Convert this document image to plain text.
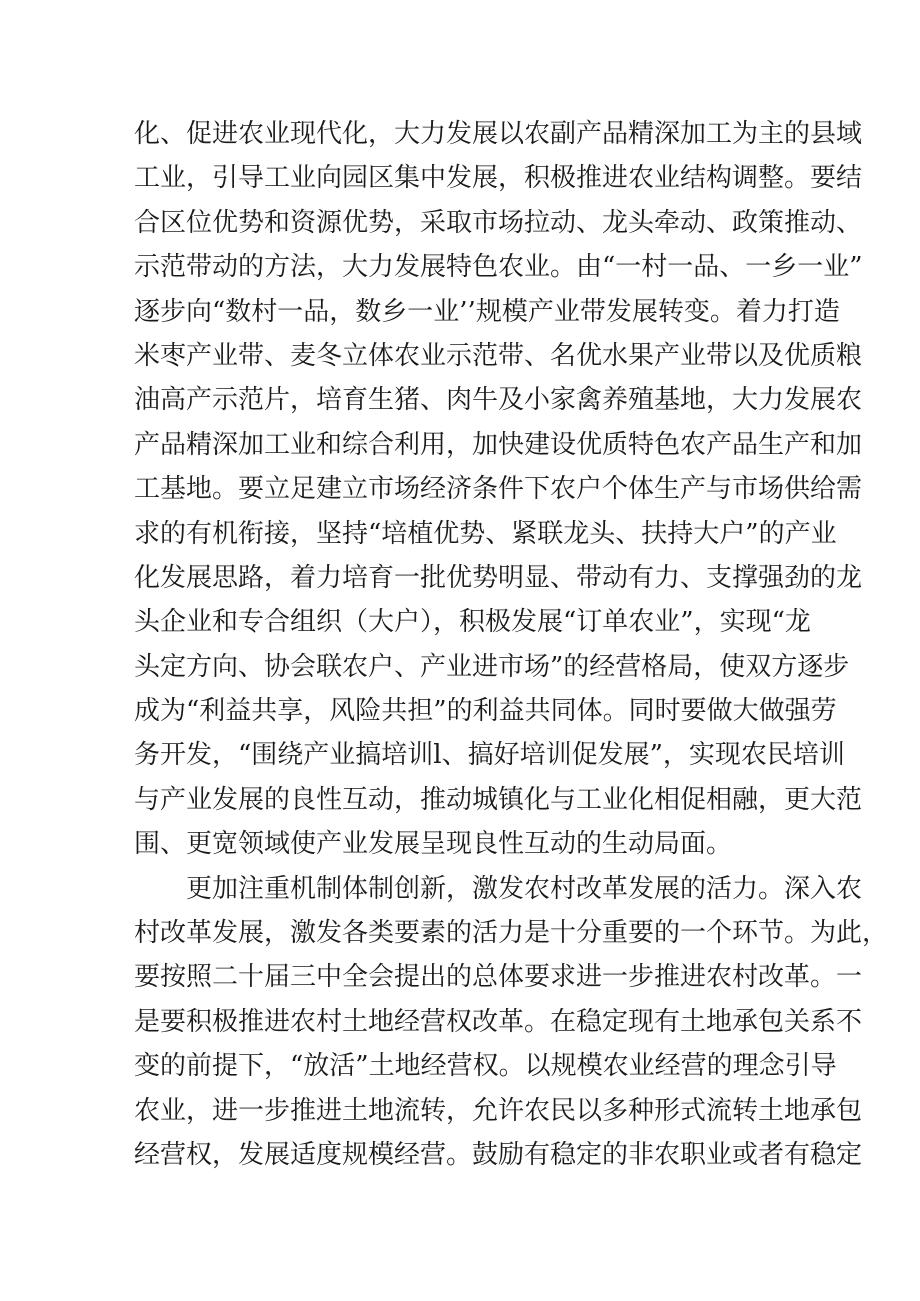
化、促进农业现代化，大力发展以农副产品精深加工为主的县域
工业，引导工业向园区集中发展，积极推进农业结构调整。要结
合区位优势和资源优势，采取市场拉动、龙头牵动、政策推动、
示范带动的方法，大力发展特色农业。由“一村一品、一乡一业”
逐步向“数村一品，数乡一业’’规模产业带发展转变。着力打造
米枣产业带、麦冬立体农业示范带、名优水果产业带以及优质粮
油高产示范片，培育生猪、肉牛及小家禽养殖基地，大力发展农
产品精深加工业和综合利用，加快建设优质特色农产品生产和加
工基地。要立足建立市场经济条件下农户个体生产与市场供给需
求的有机衔接，坚持“培植优势、紧联龙头、扶持大户”的产业
化发展思路，着力培育一批优势明显、带动有力、支撑强劲的龙
头企业和专合组织（大户），积极发展“订单农业”，实现“龙
头定方向、协会联农户、产业进市场”的经营格局，使双方逐步
成为“利益共享，风险共担”的利益共同体。同时要做大做强劳
务开发，“围绕产业搞培训l、搞好培训促发展”，实现农民培训
与产业发展的良性互动，推动城镇化与工业化相促相融，更大范
围、更宽领域使产业发展呈现良性互动的生动局面。
更加注重机制体制创新，激发农村改革发展的活力。深入农
村改革发展，激发各类要素的活力是十分重要的一个环节。为此，
要按照二十届三中全会提出的总体要求进一步推进农村改革。一
是要积极推进农村土地经营权改革。在稳定现有土地承包关系不
变的前提下，“放活”土地经营权。以规模农业经营的理念引导
农业，进一步推进土地流转，允许农民以多种形式流转土地承包
经营权，发展适度规模经营。鼓励有稳定的非农职业或者有稳定
